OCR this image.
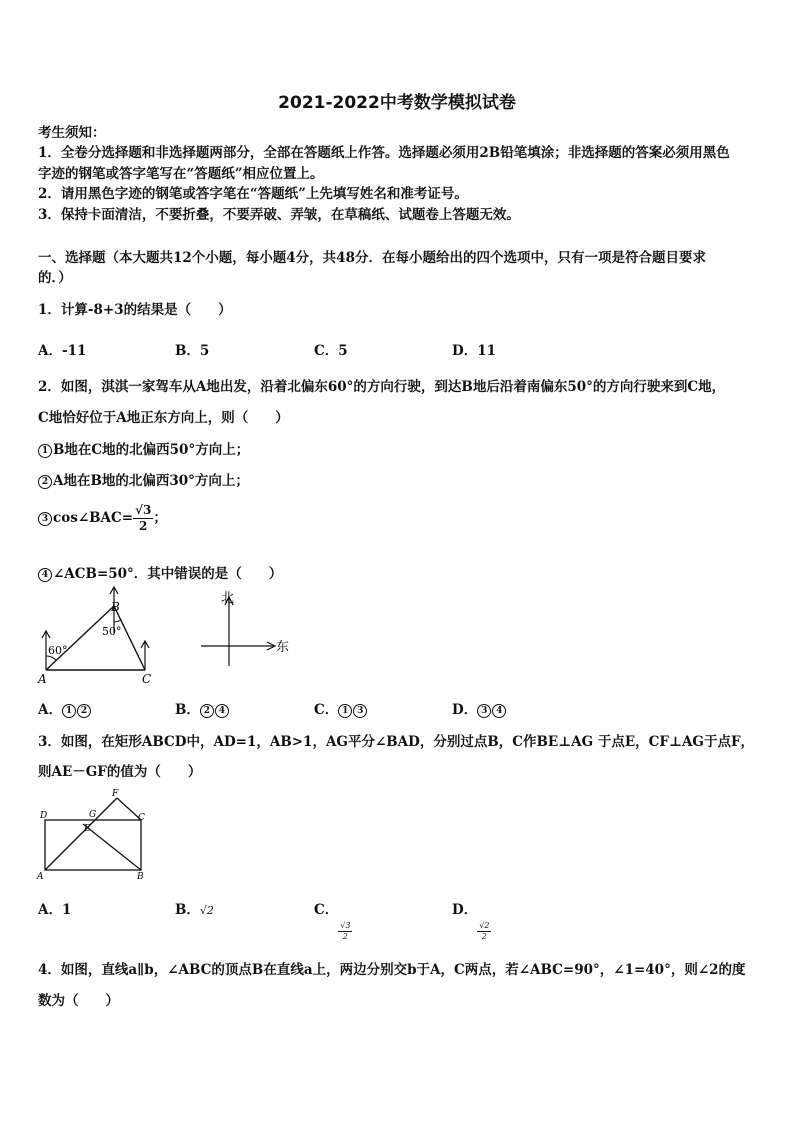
2021-2022中考数学模拟试卷
考生须知：
1．全卷分选择题和非选择题两部分，全部在答题纸上作答。选择题必须用2B铅笔填涂；非选择题的答案必须用黑色
字迹的钢笔或答字笔写在“答题纸”相应位置上。
2．请用黑色字迹的钢笔或答字笔在“答题纸”上先填写姓名和准考证号。
3．保持卡面清洁，不要折叠，不要弄破、弄皱，在草稿纸、试题卷上答题无效。
一、选择题（本大题共12个小题，每小题4分，共48分．在每小题给出的四个选项中，只有一项是符合题目要求
的．）
1．计算-8+3的结果是（　　）
A．-11	B．5	C．5	D．11
2．如图，淇淇一家驾车从A地出发，沿着北偏东60°的方向行驶，到达B地后沿着南偏东50°的方向行驶来到C地，
C地恰好位于A地正东方向上，则（　　）
1 B地在C地的北偏西50°方向上；
2 A地在B地的北偏西30°方向上；
3 cos∠BAC= $\frac{√3}{2}$ ；
4 ∠ACB=50°．其中错误的是（　　）
60°
50°
A
B
C
北
东
A． 1 2	B． 2 4	C． 1 3	D． 3 4
3．如图，在矩形ABCD中，AD=1，AB>1，AG平分∠BAD，分别过点B，C作BE⊥AG 于点E，CF⊥AG于点F，
则AE－GF的值为（　　）
D	G
F
E
C
A	B
A．1	B．√2	C．
$\frac{√3}{2}$
D．
$\frac{√2}{2}$
4．如图，直线a∥b，∠ABC的顶点B在直线a上，两边分别交b于A，C两点，若∠ABC=90°，∠1=40°，则∠2的度
数为（　　）
